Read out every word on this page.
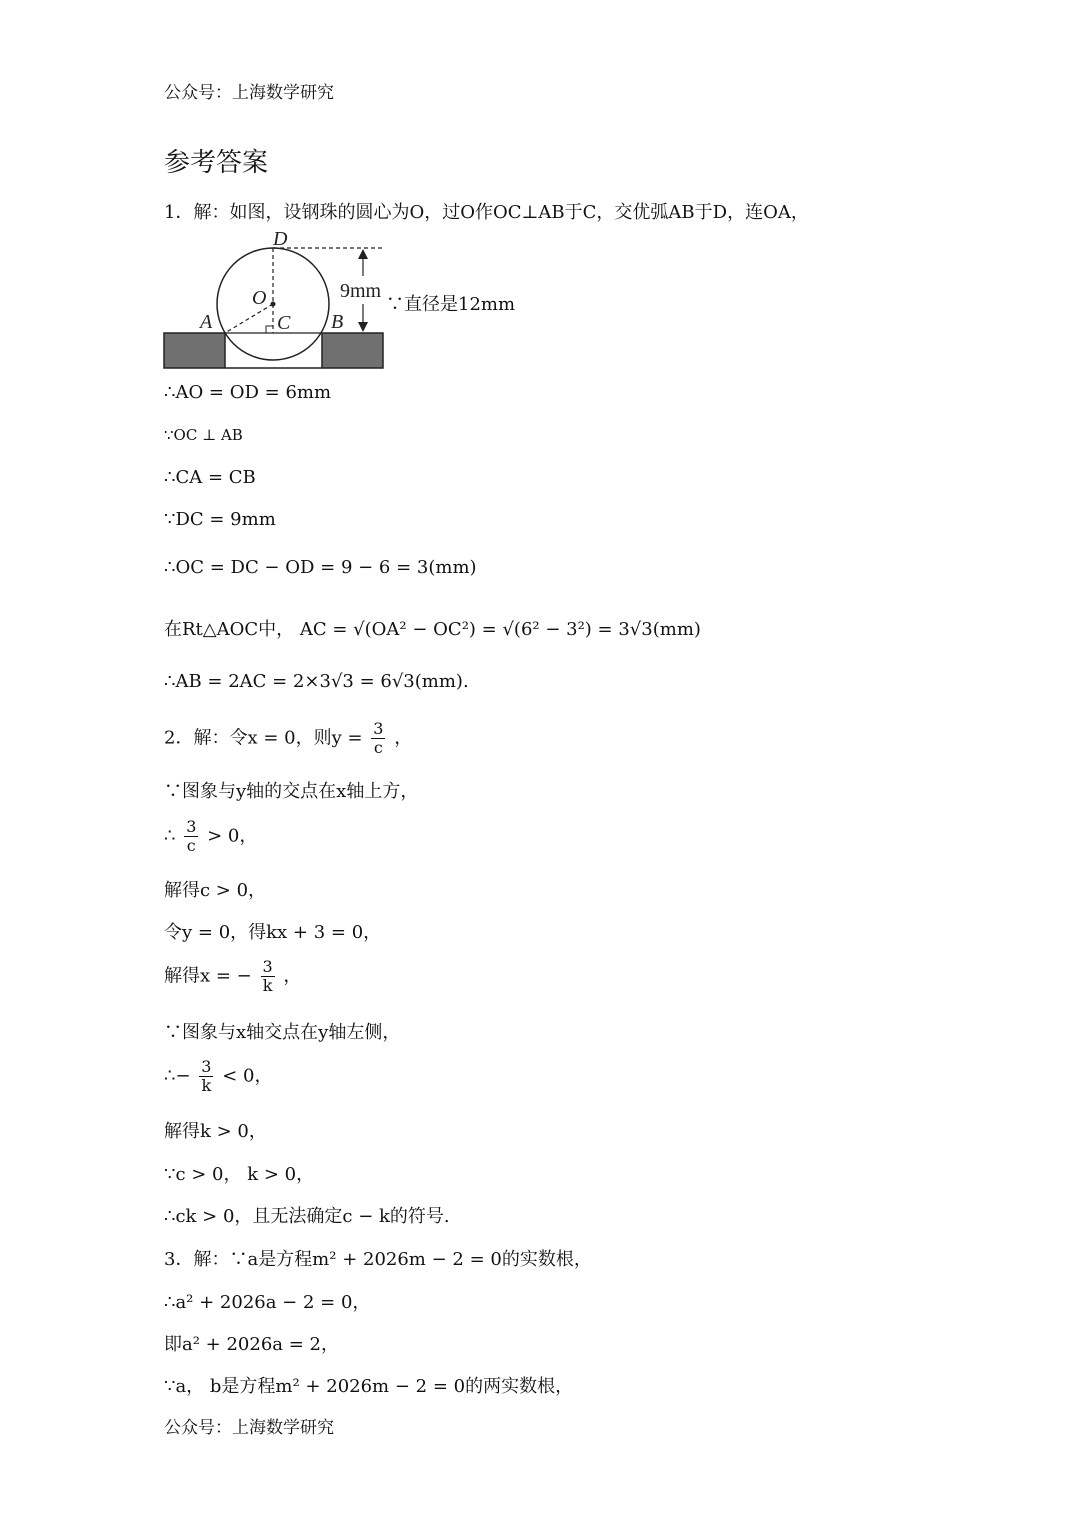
公众号：上海数学研究
参考答案
1．解：如图，设钢珠的圆心为O，过O作OC⊥AB于C，交优弧AB于D，连OA，
9mm
D
O
A	C B
∵直径是12mm
∴AO = OD = 6mm
∵OC ⊥ AB
∴CA = CB
∵DC = 9mm
∴OC = DC − OD = 9 − 6 = 3(mm)
在Rt△AOC中， AC = √(OA² − OC²) = √(6² − 3²) = 3√3(mm)
∴AB = 2AC = 2×3√3 = 6√3(mm).
2．解：令x = 0，则$y = \frac{3}{c}$ ，
∵图象与y轴的交点在x轴上方，
∴ $\frac{3}{c} > 0$，
解得c > 0，
令y = 0，得kx + 3 = 0，
解得x = − $\frac{3}{k}$ ，
∵图象与x轴交点在y轴左侧，
∴− $\frac{3}{k} < 0$，
解得k > 0，
∵c > 0， k > 0，
∴ck > 0，且无法确定c − k的符号.
3．解：∵a是方程m² + 2026m − 2 = 0的实数根，
∴a² + 2026a − 2 = 0，
即a² + 2026a = 2，
∵a， b是方程m² + 2026m − 2 = 0的两实数根，
公众号：上海数学研究
